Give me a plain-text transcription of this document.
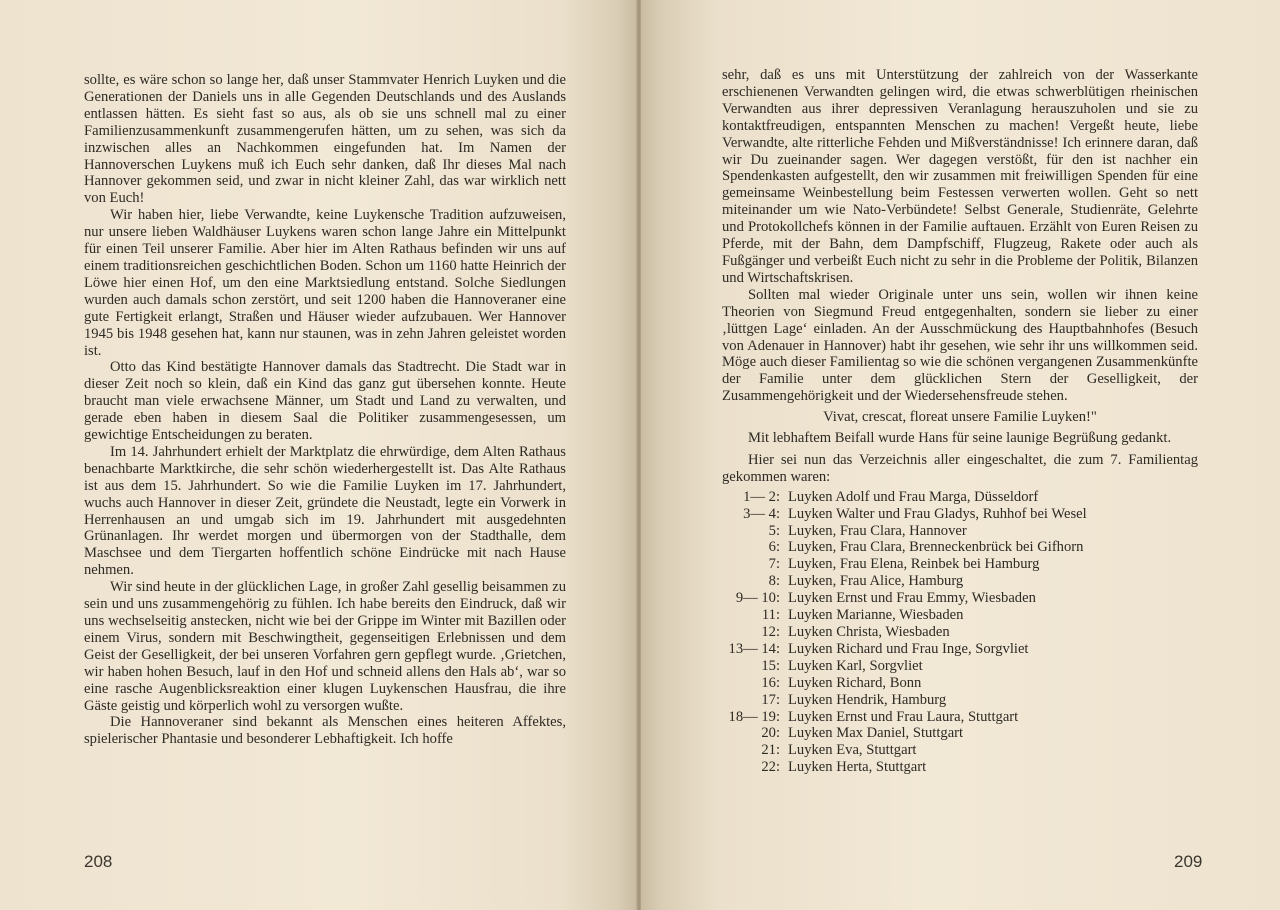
sollte, es wäre schon so lange her, daß unser Stammvater Henrich Luyken und die Generationen der Daniels uns in alle Gegenden Deutschlands und des Auslands entlassen hätten. Es sieht fast so aus, als ob sie uns schnell mal zu einer Familienzusammenkunft zusammengerufen hätten, um zu sehen, was sich da inzwischen alles an Nachkommen eingefunden hat. Im Namen der Hannoverschen Luykens muß ich Euch sehr danken, daß Ihr dieses Mal nach Hannover gekommen seid, und zwar in nicht kleiner Zahl, das war wirklich nett von Euch!

Wir haben hier, liebe Verwandte, keine Luykensche Tradition aufzuweisen, nur unsere lieben Waldhäuser Luykens waren schon lange Jahre ein Mittelpunkt für einen Teil unserer Familie. Aber hier im Alten Rathaus befinden wir uns auf einem traditionsreichen geschichtlichen Boden. Schon um 1160 hatte Heinrich der Löwe hier einen Hof, um den eine Marktsiedlung entstand. Solche Siedlungen wurden auch damals schon zerstört, und seit 1200 haben die Hannoveraner eine gute Fertigkeit erlangt, Straßen und Häuser wieder aufzubauen. Wer Hannover 1945 bis 1948 gesehen hat, kann nur staunen, was in zehn Jahren geleistet worden ist.

Otto das Kind bestätigte Hannover damals das Stadtrecht. Die Stadt war in dieser Zeit noch so klein, daß ein Kind das ganz gut übersehen konnte. Heute braucht man viele erwachsene Männer, um Stadt und Land zu verwalten, und gerade eben haben in diesem Saal die Politiker zusammengesessen, um gewichtige Entscheidungen zu beraten.

Im 14. Jahrhundert erhielt der Marktplatz die ehrwürdige, dem Alten Rathaus benachbarte Marktkirche, die sehr schön wiederhergestellt ist. Das Alte Rathaus ist aus dem 15. Jahrhundert. So wie die Familie Luyken im 17. Jahrhundert, wuchs auch Hannover in dieser Zeit, gründete die Neustadt, legte ein Vorwerk in Herrenhausen an und umgab sich im 19. Jahrhundert mit ausgedehnten Grünanlagen. Ihr werdet morgen und übermorgen von der Stadthalle, dem Maschsee und dem Tiergarten hoffentlich schöne Eindrücke mit nach Hause nehmen.

Wir sind heute in der glücklichen Lage, in großer Zahl gesellig beisammen zu sein und uns zusammengehörig zu fühlen. Ich habe bereits den Eindruck, daß wir uns wechselseitig anstecken, nicht wie bei der Grippe im Winter mit Bazillen oder einem Virus, sondern mit Beschwingtheit, gegenseitigen Erlebnissen und dem Geist der Geselligkeit, der bei unseren Vorfahren gern gepflegt wurde. ‚Grietchen, wir haben hohen Besuch, lauf in den Hof und schneid allens den Hals ab‘, war so eine rasche Augenblicksreaktion einer klugen Luykenschen Hausfrau, die ihre Gäste geistig und körperlich wohl zu versorgen wußte.

Die Hannoveraner sind bekannt als Menschen eines heiteren Affektes, spielerischer Phantasie und besonderer Lebhaftigkeit. Ich hoffe

208

sehr, daß es uns mit Unterstützung der zahlreich von der Wasserkante erschienenen Verwandten gelingen wird, die etwas schwerblütigen rheinischen Verwandten aus ihrer depressiven Veranlagung herauszuholen und sie zu kontaktfreudigen, entspannten Menschen zu machen! Vergeßt heute, liebe Verwandte, alte ritterliche Fehden und Mißverständnisse! Ich erinnere daran, daß wir Du zueinander sagen. Wer dagegen verstößt, für den ist nachher ein Spendenkasten aufgestellt, den wir zusammen mit freiwilligen Spenden für eine gemeinsame Weinbestellung beim Festessen verwerten wollen. Geht so nett miteinander um wie Nato-Verbündete! Selbst Generale, Studienräte, Gelehrte und Protokollchefs können in der Familie auftauen. Erzählt von Euren Reisen zu Pferde, mit der Bahn, dem Dampfschiff, Flugzeug, Rakete oder auch als Fußgänger und verbeißt Euch nicht zu sehr in die Probleme der Politik, Bilanzen und Wirtschaftskrisen.

Sollten mal wieder Originale unter uns sein, wollen wir ihnen keine Theorien von Siegmund Freud entgegenhalten, sondern sie lieber zu einer ‚lüttgen Lage‘ einladen. An der Ausschmückung des Hauptbahnhofes (Besuch von Adenauer in Hannover) habt ihr gesehen, wie sehr ihr uns willkommen seid. Möge auch dieser Familientag so wie die schönen vergangenen Zusammenkünfte der Familie unter dem glücklichen Stern der Geselligkeit, der Zusammengehörigkeit und der Wiedersehensfreude stehen.

Vivat, crescat, floreat unsere Familie Luyken!"

Mit lebhaftem Beifall wurde Hans für seine launige Begrüßung gedankt.

Hier sei nun das Verzeichnis aller eingeschaltet, die zum 7. Familientag gekommen waren:

1— 2:	Luyken Adolf und Frau Marga, Düsseldorf
3— 4:	Luyken Walter und Frau Gladys, Ruhhof bei Wesel
5:	Luyken, Frau Clara, Hannover
6:	Luyken, Frau Clara, Brenneckenbrück bei Gifhorn
7:	Luyken, Frau Elena, Reinbek bei Hamburg
8:	Luyken, Frau Alice, Hamburg
9— 10:	Luyken Ernst und Frau Emmy, Wiesbaden
11:	Luyken Marianne, Wiesbaden
12:	Luyken Christa, Wiesbaden
13— 14:	Luyken Richard und Frau Inge, Sorgvliet
15:	Luyken Karl, Sorgvliet
16:	Luyken Richard, Bonn
17:	Luyken Hendrik, Hamburg
18— 19:	Luyken Ernst und Frau Laura, Stuttgart
20:	Luyken Max Daniel, Stuttgart
21:	Luyken Eva, Stuttgart
22:	Luyken Herta, Stuttgart
209
